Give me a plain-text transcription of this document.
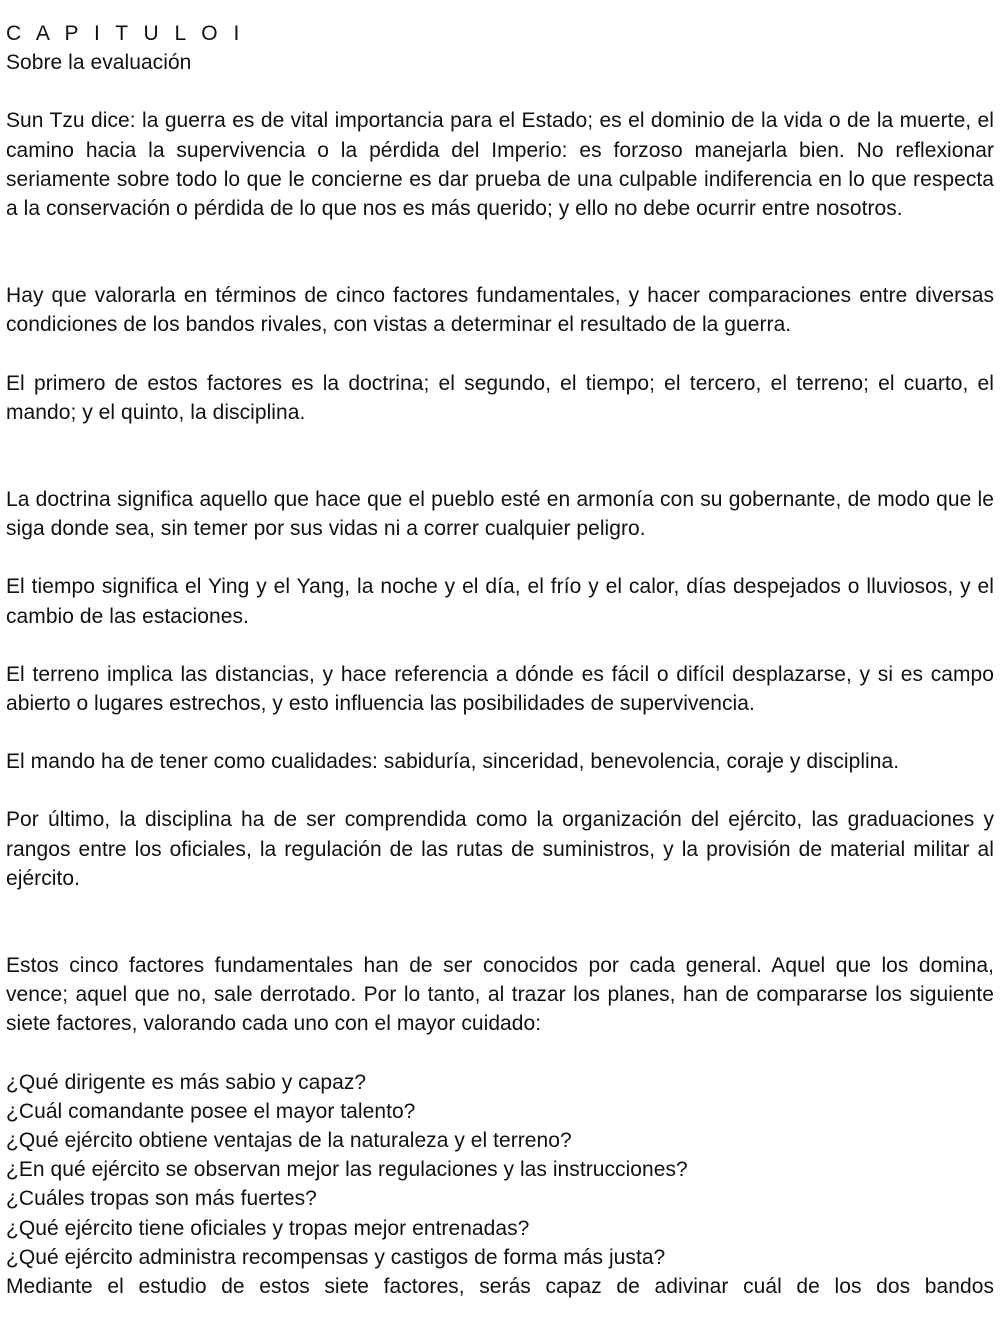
C A P I T U L O I

Sobre la evaluación

Sun Tzu dice: la guerra es de vital importancia para el Estado; es el dominio de la vida o de la muerte, el camino hacia la supervivencia o la pérdida del Imperio: es forzoso manejarla bien. No reflexionar seriamente sobre todo lo que le concierne es dar prueba de una culpable indiferencia en lo que respecta a la conservación o pérdida de lo que nos es más querido; y ello no debe ocurrir entre nosotros.

Hay que valorarla en términos de cinco factores fundamentales, y hacer comparaciones entre diversas condiciones de los bandos rivales, con vistas a determinar el resultado de la guerra.

El primero de estos factores es la doctrina; el segundo, el tiempo; el tercero, el terreno; el cuarto, el mando; y el quinto, la disciplina.

La doctrina significa aquello que hace que el pueblo esté en armonía con su gobernante, de modo que le siga donde sea, sin temer por sus vidas ni a correr cualquier peligro.

El tiempo significa el Ying y el Yang, la noche y el día, el frío y el calor, días despejados o lluviosos, y el cambio de las estaciones.

El terreno implica las distancias, y hace referencia a dónde es fácil o difícil desplazarse, y si es campo abierto o lugares estrechos, y esto influencia las posibilidades de supervivencia.

El mando ha de tener como cualidades: sabiduría, sinceridad, benevolencia, coraje y disciplina.

Por último, la disciplina ha de ser comprendida como la organización del ejército, las graduaciones y rangos entre los oficiales, la regulación de las rutas de suministros, y la provisión de material militar al ejército.

Estos cinco factores fundamentales han de ser conocidos por cada general. Aquel que los domina, vence; aquel que no, sale derrotado. Por lo tanto, al trazar los planes, han de compararse los siguiente siete factores, valorando cada uno con el mayor cuidado:

¿Qué dirigente es más sabio y capaz?

¿Cuál comandante posee el mayor talento?

¿Qué ejército obtiene ventajas de la naturaleza y el terreno?

¿En qué ejército se observan mejor las regulaciones y las instrucciones?

¿Cuáles tropas son más fuertes?

¿Qué ejército tiene oficiales y tropas mejor entrenadas?

¿Qué ejército administra recompensas y castigos de forma más justa?

Mediante el estudio de estos siete factores, serás capaz de adivinar cuál de los dos bandos
